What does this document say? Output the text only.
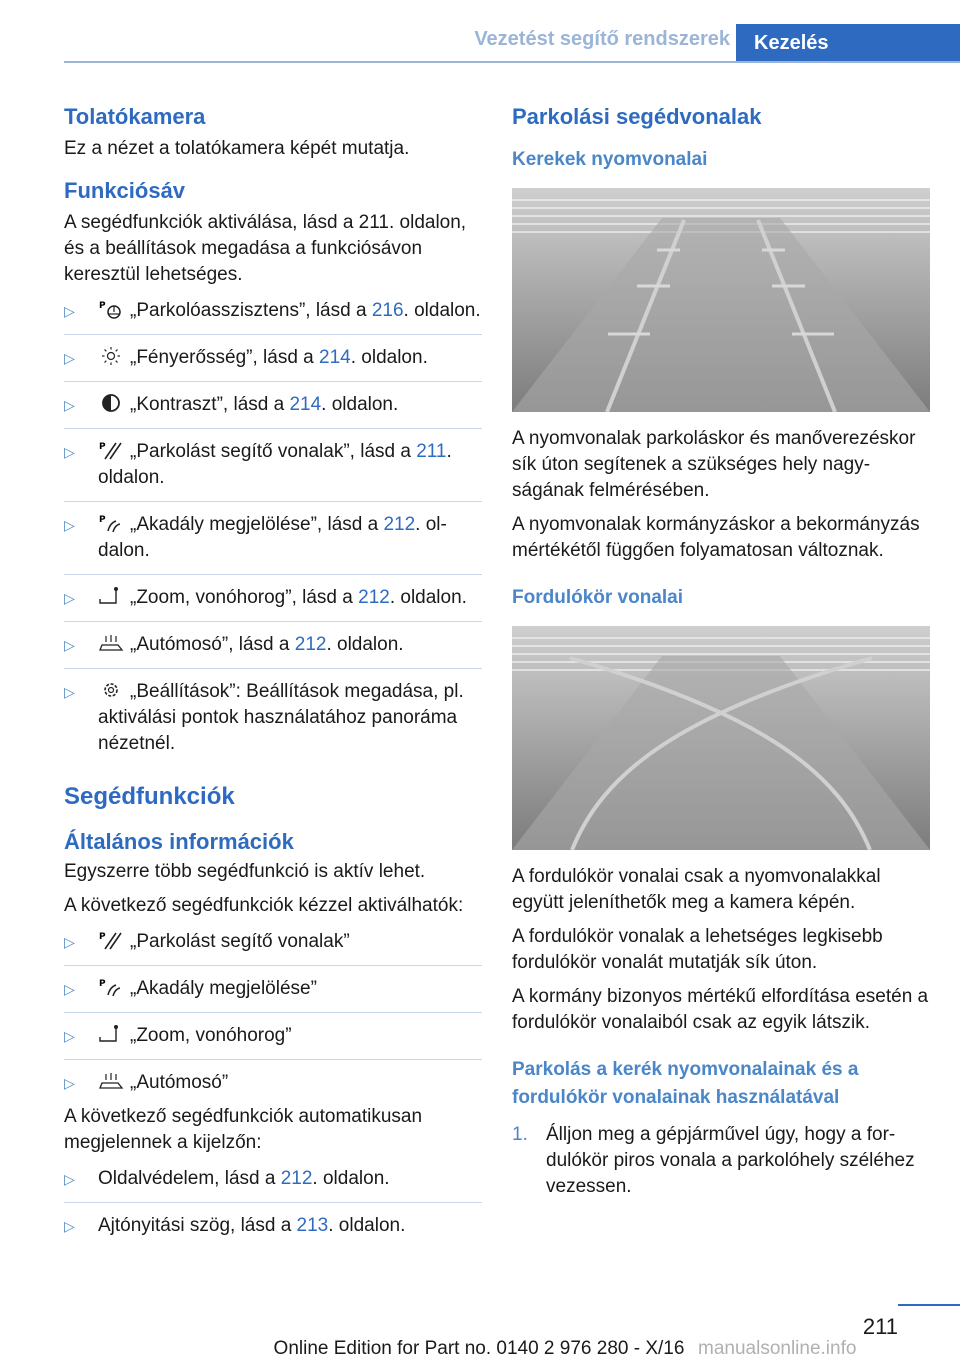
Vezetést segítő rendszerek	Kezelés
Tolatókamera

Ez a nézet a tolatókamera képét mutatja.

Funkciósáv

A segédfunkciók aktiválása, lásd a 211. oldalon, és a beállítások megadása a funkciósávon keresztül lehetséges.

▷	P „Parkolóasszisztens”, lásd a 216. oldalon.
▷	„Fényerősség”, lásd a 214. oldalon.
▷	„Kontraszt”, lásd a 214. oldalon.
▷	P „Parkolást segítő vonalak”, lásd a 211. oldalon.
▷	P „Akadály megjelölése”, lásd a 212. oldalon.
▷	„Zoom, vonóhorog”, lásd a 212. oldalon.
▷	„Autómosó”, lásd a 212. oldalon.
▷	„Beállítások”: Beállítások megadása, pl. aktiválási pontok használatához panoráma nézetnél.
Segédfunkciók
Általános információk

Egyszerre több segédfunkció is aktív lehet.

A következő segédfunkciók kézzel aktiválhatók:

▷	P „Parkolást segítő vonalak”
▷	P „Akadály megjelölése”
▷	„Zoom, vonóhorog”
▷	„Autómosó”

A következő segédfunkciók automatikusan megjelennek a kijelzőn:

▷ Oldalvédelem, lásd a 212. oldalon.
▷ Ajtónyitási szög, lásd a 213. oldalon.
Parkolási segédvonalak
Kerekek nyomvonalai

A nyomvonalak parkoláskor és manőverezéskor sík úton segítenek a szükséges hely nagyságának felmérésében.

A nyomvonalak kormányzáskor a bekormányzás mértékétől függően folyamatosan változnak.

Fordulókör vonalai

A fordulókör vonalai csak a nyomvonalakkal együtt jeleníthetők meg a kamera képén.

A fordulókör vonalak a lehetséges legkisebb fordulókör vonalát mutatják sík úton.

A kormány bizonyos mértékű elfordítása esetén a fordulókör vonalaiból csak az egyik látszik.

Parkolás a kerék nyomvonalainak és a fordulókör vonalainak használatával
1. Álljon meg a gépjárművel úgy, hogy a fordulókör piros vonala a parkolóhely széléhez vezessen.
211
Online Edition for Part no. 0140 2 976 280 - X/16 manualsonline.info
